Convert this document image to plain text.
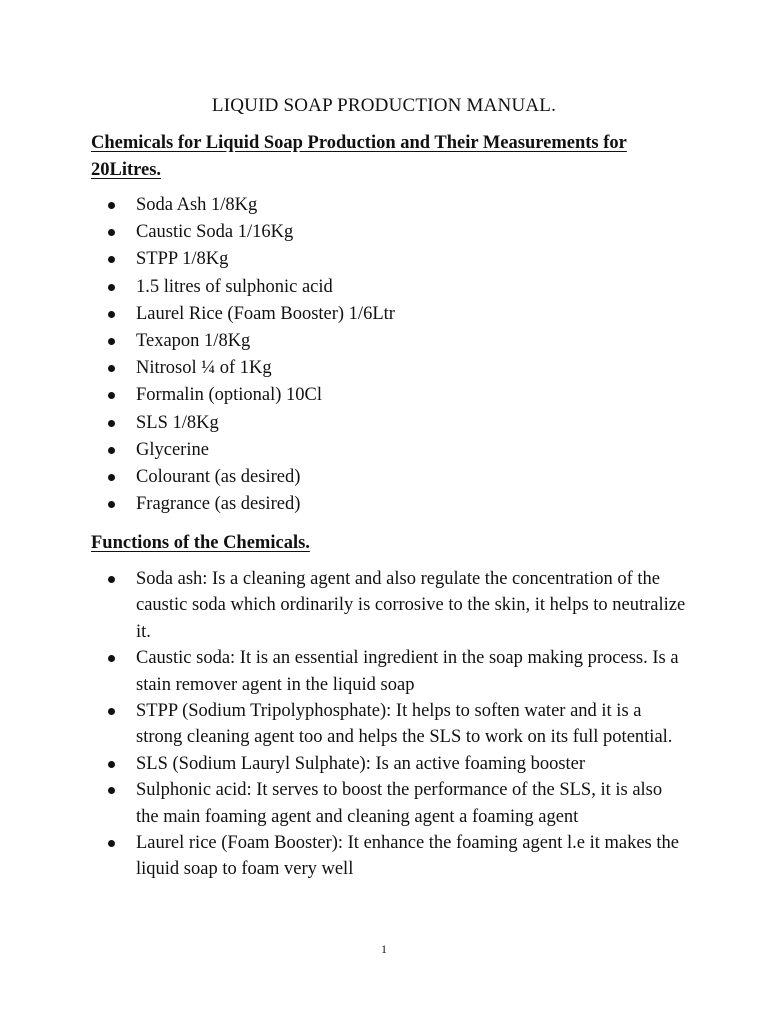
LIQUID SOAP PRODUCTION MANUAL.
Chemicals for Liquid Soap Production and Their Measurements for 20Litres.
Soda Ash 1/8Kg
Caustic Soda 1/16Kg
STPP 1/8Kg
1.5 litres of sulphonic acid
Laurel Rice (Foam Booster) 1/6Ltr
Texapon 1/8Kg
Nitrosol ¼ of 1Kg
Formalin (optional) 10Cl
SLS 1/8Kg
Glycerine
Colourant (as desired)
Fragrance (as desired)
Functions of the Chemicals.
Soda ash: Is a cleaning agent and also regulate the concentration of the caustic soda which ordinarily is corrosive to the skin, it helps to neutralize it.
Caustic soda: It is an essential ingredient in the soap making process. Is a stain remover agent in the liquid soap
STPP (Sodium Tripolyphosphate): It helps to soften water and it is a strong cleaning agent too and helps the SLS to work on its full potential.
SLS (Sodium Lauryl Sulphate): Is an active foaming booster
Sulphonic acid: It serves to boost the performance of the SLS, it is also the main foaming agent and cleaning agent a foaming agent
Laurel rice (Foam Booster): It enhance the foaming agent l.e it makes the liquid soap to foam very well
1
